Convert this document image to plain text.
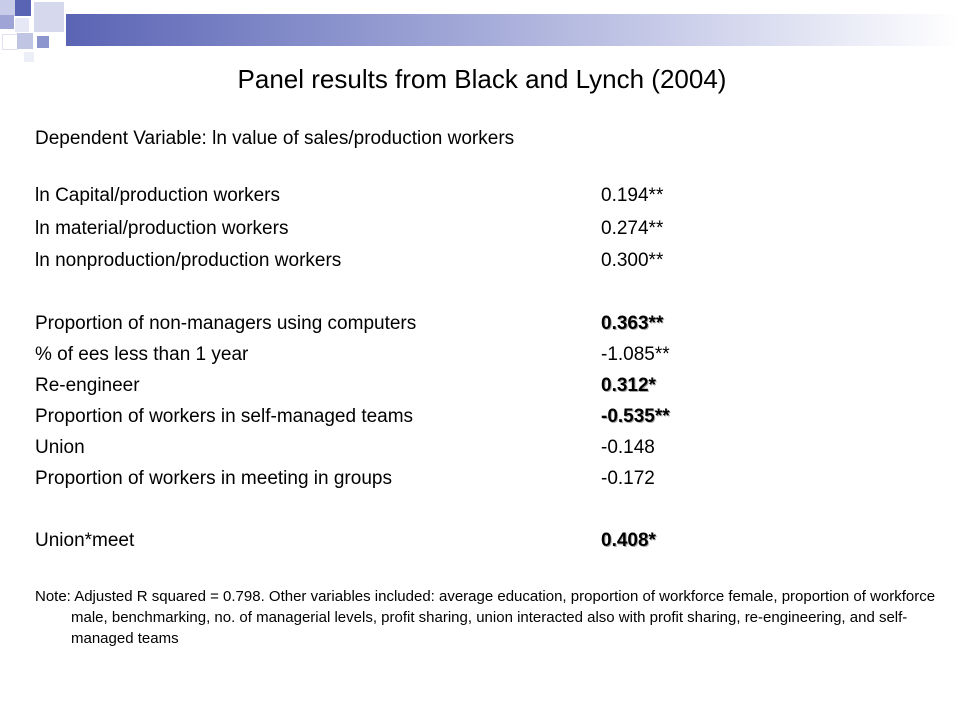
Panel results from Black and Lynch (2004)
Dependent Variable: ln value of sales/production workers
ln Capital/production workers	0.194**
ln material/production workers	0.274**
ln nonproduction/production workers	0.300**
Proportion of non-managers using computers	0.363**
% of ees less than 1 year	-1.085**
Re-engineer	0.312*
Proportion of workers in self-managed teams	-0.535**
Union	-0.148
Proportion of workers in meeting in groups	-0.172
Union*meet	0.408*
Note: Adjusted R squared = 0.798. Other variables included: average education, proportion of workforce female, proportion of workforce male, benchmarking, no. of managerial levels, profit sharing, union interacted also with profit sharing, re-engineering, and self-managed teams
